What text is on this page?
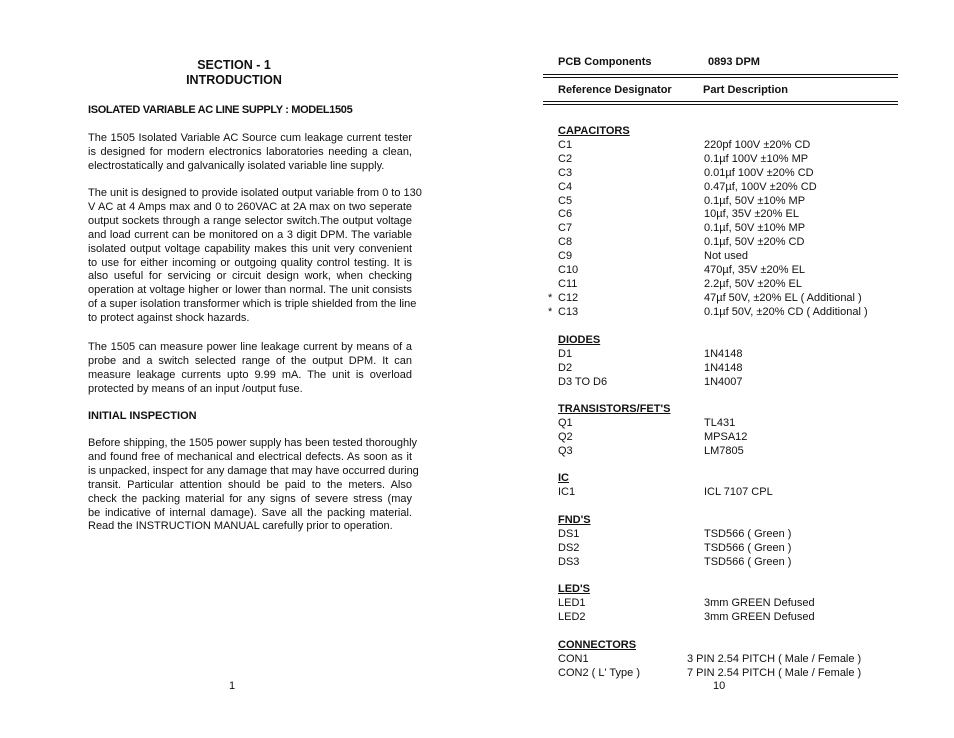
SECTION - 1
INTRODUCTION
ISOLATED VARIABLE AC LINE SUPPLY : MODEL1505
The 1505 Isolated Variable AC Source cum leakage current tester
is designed for modern electronics laboratories needing a clean,
electrostatically and galvanically isolated variable line supply.
The unit is designed to provide isolated output variable from 0 to 130
V AC at 4 Amps max and 0 to 260VAC at 2A max on two seperate
output sockets through a range selector switch.The output voltage
and load current can be monitored on a 3 digit DPM. The variable
isolated output voltage capability makes this unit very convenient
to use for either incoming or outgoing quality control testing. It is
also useful for servicing or circuit design work, when checking
operation at voltage higher or lower than normal. The unit consists
of a super isolation transformer which is triple shielded from the line
to protect against shock hazards.
The 1505 can measure power line leakage current by means of a
probe and a switch selected range of the output DPM. It can
measure leakage currents upto 9.99 mA. The unit is overload
protected by means of an input /output fuse.
INITIAL INSPECTION
Before shipping, the 1505 power supply has been tested thoroughly
and found free of mechanical and electrical defects. As soon as it
is unpacked, inspect for any damage that may have occurred during
transit. Particular attention should be paid to the meters. Also
check the packing material for any signs of severe stress (may
be indicative of internal damage). Save all the packing material.
Read the INSTRUCTION MANUAL carefully prior to operation.
1
PCB Components	0893 DPM
Reference Designator	Part Description
CAPACITORS
C1	220pf 100V ±20% CD
C2	0.1µf 100V ±10% MP
C3	0.01µf 100V ±20% CD
C4	0.47µf, 100V ±20% CD
C5	0.1µf, 50V ±10% MP
C6	10µf, 35V ±20% EL
C7	0.1µf, 50V ±10% MP
C8	0.1µf, 50V ±20% CD
C9	Not used
C10	470µf, 35V ±20% EL
C11	2.2µf, 50V ±20% EL
* C12	47µf 50V, ±20% EL ( Additional )
* C13	0.1µf 50V, ±20% CD ( Additional )
DIODES
D1	1N4148
D2	1N4148
D3 TO D6	1N4007
TRANSISTORS/FET'S
Q1	TL431
Q2	MPSA12
Q3	LM7805
IC
IC1	ICL 7107 CPL
FND'S
DS1	TSD566 ( Green )
DS2	TSD566 ( Green )
DS3	TSD566 ( Green )
LED'S
LED1	3mm GREEN Defused
LED2	3mm GREEN Defused
CONNECTORS
CON1	3 PIN 2.54 PITCH ( Male / Female )
CON2 ( L' Type )	7 PIN 2.54 PITCH ( Male / Female )
10
